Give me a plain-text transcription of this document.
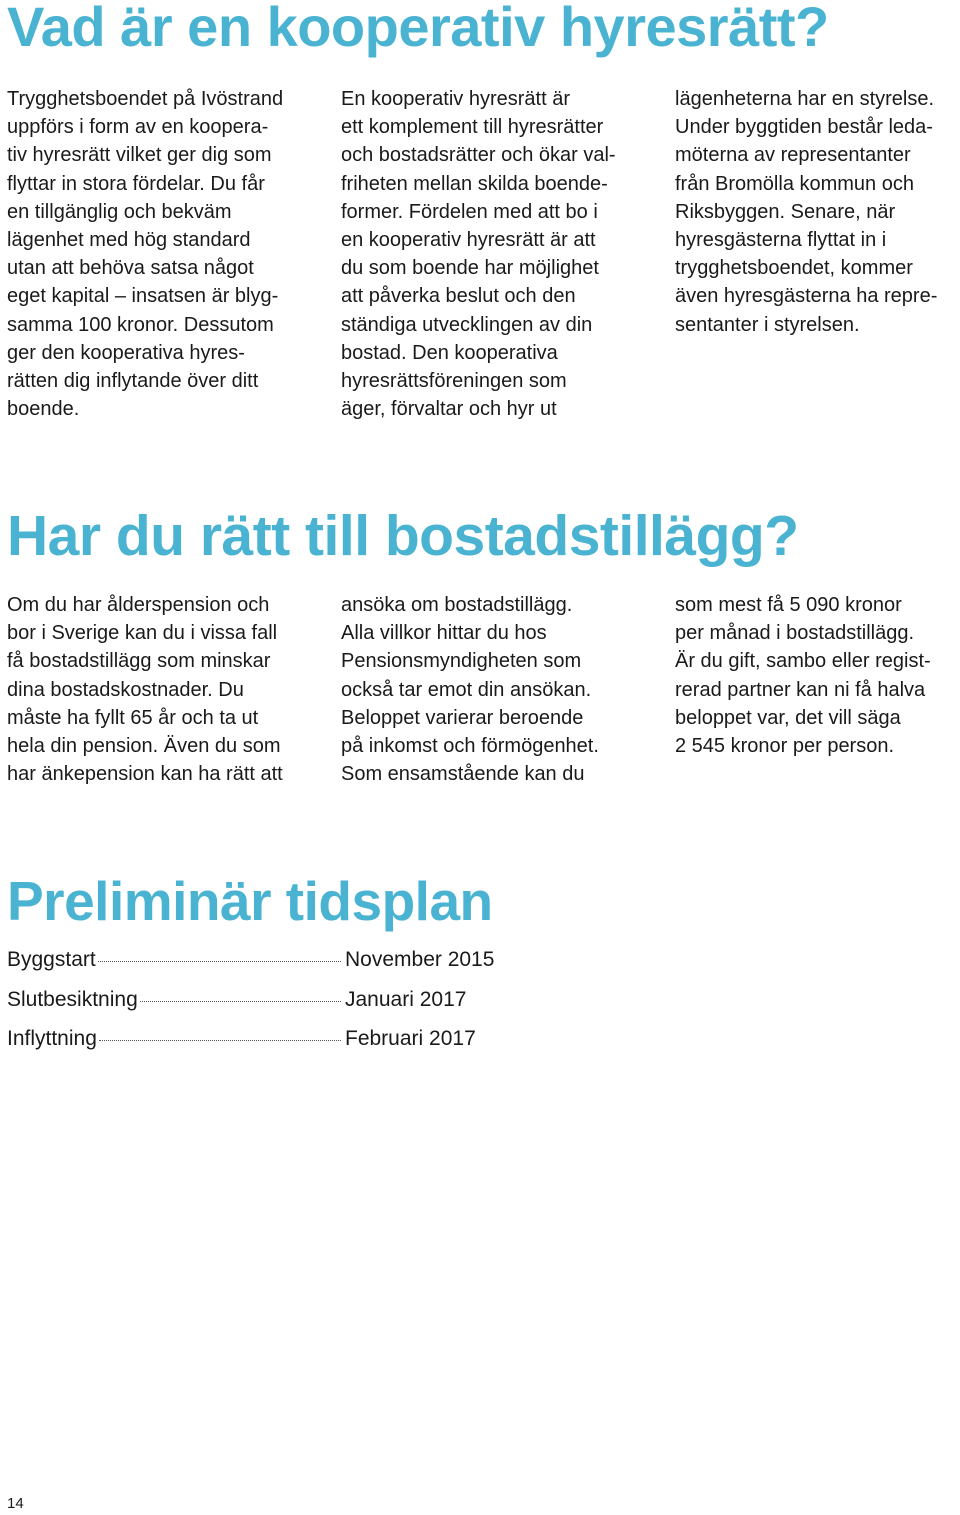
Vad är en kooperativ hyresrätt?

Trygghetsboendet på Ivöstrand
uppförs i form av en koopera-
tiv hyresrätt vilket ger dig som
flyttar in stora fördelar. Du får
en tillgänglig och bekväm
lägenhet med hög standard
utan att behöva satsa något
eget kapital – insatsen är blyg-
samma 100 kronor. Dessutom
ger den kooperativa hyres-
rätten dig inflytande över ditt
boende.

En kooperativ hyresrätt är
ett komplement till hyresrätter
och bostadsrätter och ökar val-
friheten mellan skilda boende-
former. Fördelen med att bo i
en kooperativ hyresrätt är att
du som boende har möjlighet
att påverka beslut och den
ständiga utvecklingen av din
bostad. Den kooperativa
hyresrättsföreningen som
äger, förvaltar och hyr ut

lägenheterna har en styrelse.
Under byggtiden består leda-
möterna av representanter
från Bromölla kommun och
Riksbyggen. Senare, när
hyresgästerna flyttat in i
trygghetsboendet, kommer
även hyresgästerna ha repre-
sentanter i styrelsen.

Har du rätt till bostadstillägg?

Om du har ålderspension och
bor i Sverige kan du i vissa fall
få bostadstillägg som minskar
dina bostadskostnader. Du
måste ha fyllt 65 år och ta ut
hela din pension. Även du som
har änkepension kan ha rätt att

ansöka om bostadstillägg.
Alla villkor hittar du hos
Pensionsmyndigheten som
också tar emot din ansökan.
Beloppet varierar beroende
på inkomst och förmögenhet.
Som ensamstående kan du

som mest få 5 090 kronor
per månad i bostadstillägg.
Är du gift, sambo eller regist-
rerad partner kan ni få halva
beloppet var, det vill säga
2 545 kronor per person.

Preliminär tidsplan
Byggstart	November 2015
Slutbesiktning	Januari 2017
Inflyttning	Februari 2017
14
